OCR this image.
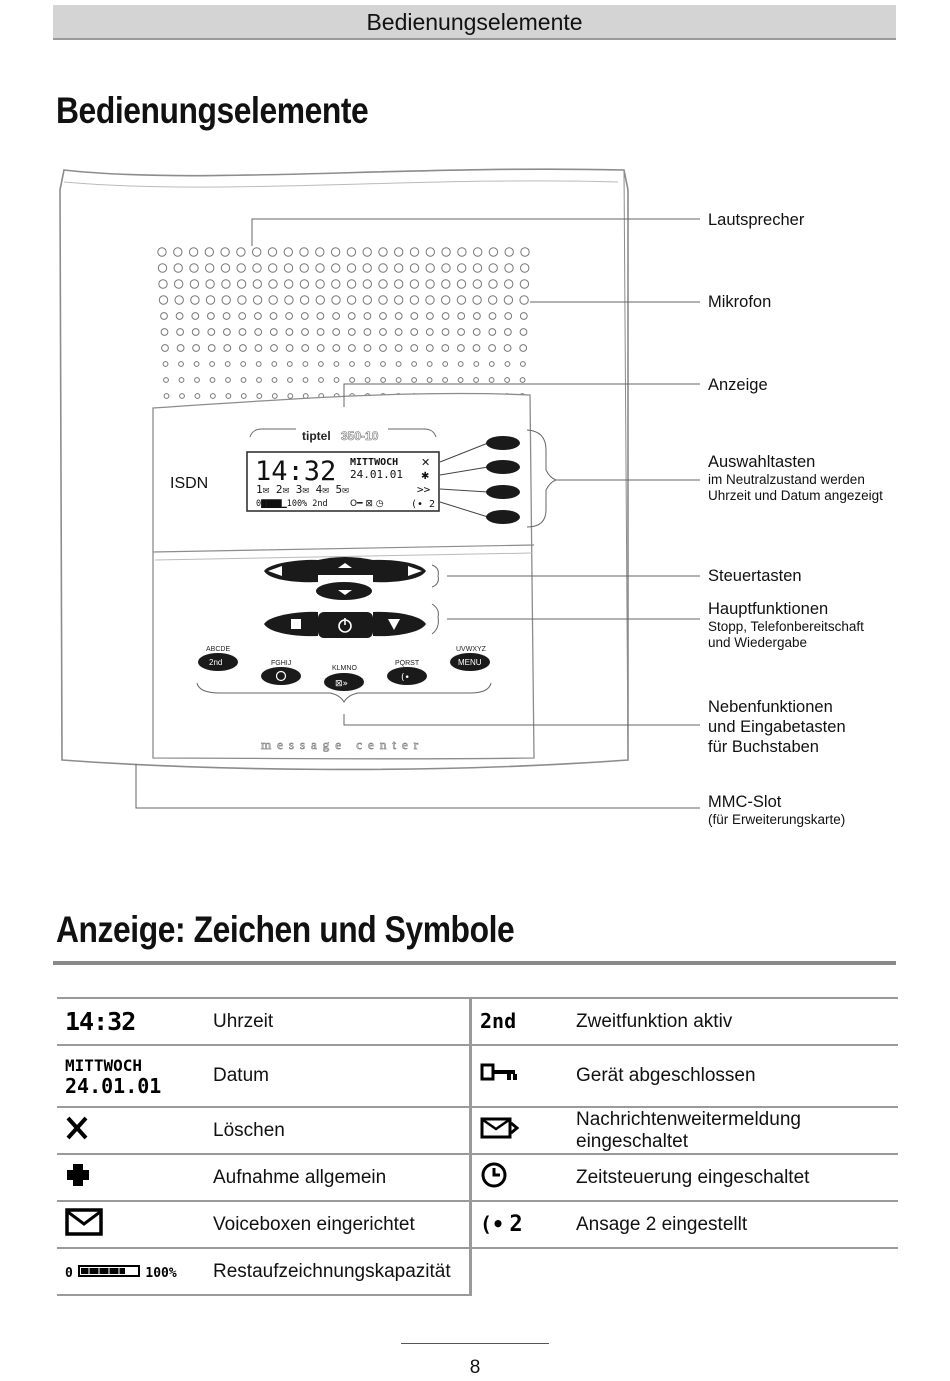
Bedienungselemente
Bedienungselemente
tiptel 350-10
14:32 MITTWOCH
24.01.01
✕
✱
1✉ 2✉ 3✉ 4✉ 5✉	>>
0▇▇▇▇▁100% 2nd O━ ⊠ ◷	(• 2
ISDN
2nd	MENU
⊠»
(•
ABCDE
FGHIJ
KLMNO
PQRST
UVWXYZ
message center
Lautsprecher
Mikrofon
Anzeige
Auswahltasten
im Neutralzustand werden
Uhrzeit und Datum angezeigt
Steuertasten
Hauptfunktionen
Stopp, Telefonbereitschaft
und Wiedergabe
Nebenfunktionen
und Eingabetasten
für Buchstaben
MMC-Slot
(für Erweiterungskarte)
Anzeige: Zeichen und Symbole
14:32	Uhrzeit	2nd	Zweitfunktion aktiv

MITTWOCH
24.01.01	Datum		Gerät abgeschlossen
	Löschen		Nachrichtenweitermeldung eingeschaltet
	Aufnahme allgemein		Zeitsteuerung eingeschaltet
	Voiceboxen eingerichtet	(• 2	Ansage 2 eingestellt
0 100%	Restaufzeichnungskapazität		
8
